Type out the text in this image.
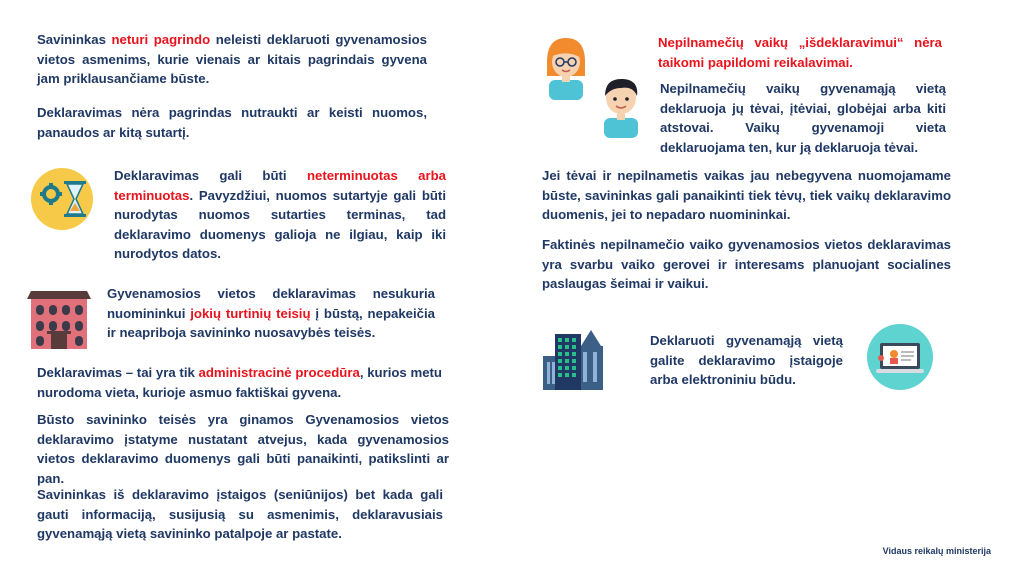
Savininkas neturi pagrindo neleisti deklaruoti gyvenamosios vietos asmenims, kurie vienais ar kitais pagrindais gyvena jam priklausančiame būste.
Deklaravimas nėra pagrindas nutraukti ar keisti nuomos, panaudos ar kitą sutartį.
Deklaravimas gali būti neterminuotas arba terminuotas. Pavyzdžiui, nuomos sutartyje gali būti nurodytas nuomos sutarties terminas, tad deklaravimo duomenys galioja ne ilgiau, kaip iki nurodytos datos.
Gyvenamosios vietos deklaravimas nesukuria nuomininkui jokių turtinių teisių į būstą, nepakeičia ir neapriboja savininko nuosavybės teisės.
Deklaravimas – tai yra tik administracinė procedūra, kurios metu nurodoma vieta, kurioje asmuo faktiškai gyvena.
Būsto savininko teisės yra ginamos Gyvenamosios vietos deklaravimo įstatyme nustatant atvejus, kada gyvenamosios vietos deklaravimo duomenys gali būti panaikinti, patikslinti ar pan.
Savininkas iš deklaravimo įstaigos (seniūnijos) bet kada gali gauti informaciją, susijusią su asmenimis, deklaravusiais gyvenamąją vietą savininko patalpoje ar pastate.
Nepilnamečių vaikų „išdeklaravimui“ nėra taikomi papildomi reikalavimai.
Nepilnamečių vaikų gyvenamąją vietą deklaruoja jų tėvai, įtėviai, globėjai arba kiti atstovai. Vaikų gyvenamoji vieta deklaruojama ten, kur ją deklaruoja tėvai.
Jei tėvai ir nepilnametis vaikas jau nebegyvena nuomojamame būste, savininkas gali panaikinti tiek tėvų, tiek vaikų deklaravimo duomenis, jei to nepadaro nuomininkai.
Faktinės nepilnamečio vaiko gyvenamosios vietos deklaravimas yra svarbu vaiko gerovei ir interesams planuojant socialines paslaugas šeimai ir vaikui.
Deklaruoti gyvenamąją vietą galite deklaravimo įstaigoje arba elektroniniu būdu.
Vidaus reikalų ministerija
